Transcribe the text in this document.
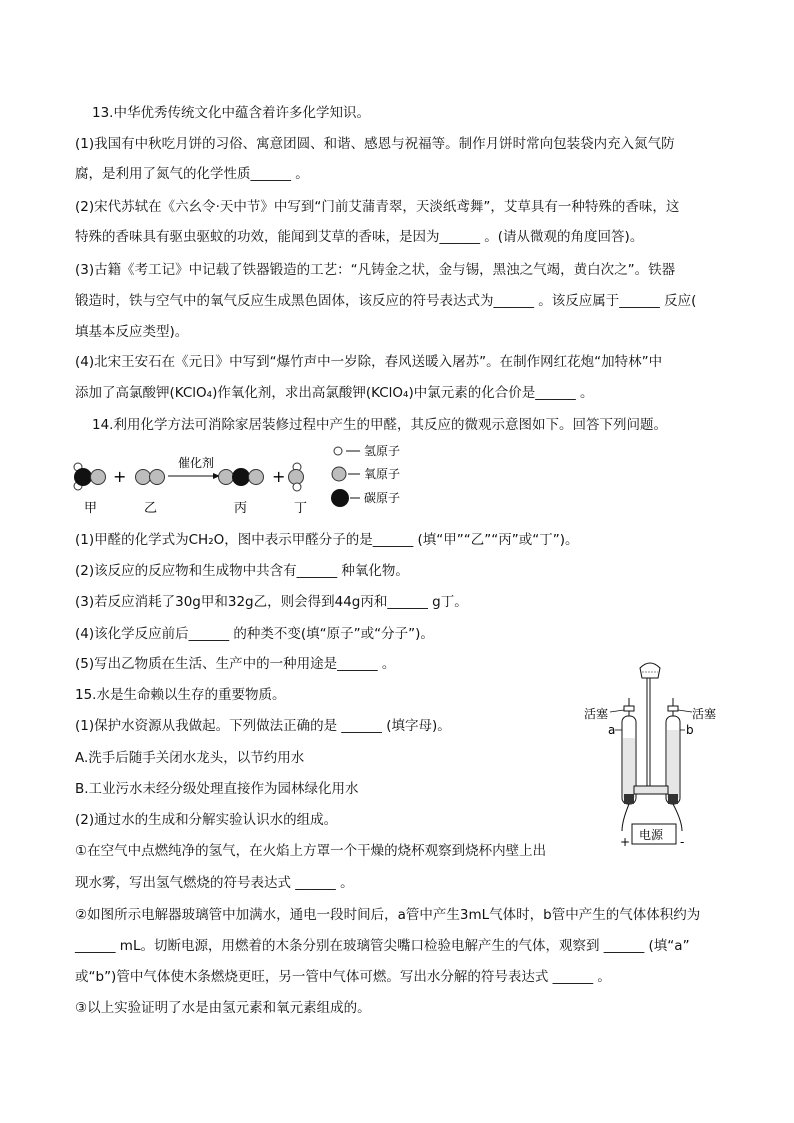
13.中华优秀传统文化中蕴含着许多化学知识。
(1)我国有中秋吃月饼的习俗、寓意团圆、和谐、感恩与祝福等。制作月饼时常向包装袋内充入氮气防
腐，是利用了氮气的化学性质______ 。
(2)宋代苏轼在《六幺令·天中节》中写到“门前艾蒲青翠，天淡纸鸢舞”，艾草具有一种特殊的香味，这
特殊的香味具有驱虫驱蚊的功效，能闻到艾草的香味，是因为______ 。(请从微观的角度回答)。
(3)古籍《考工记》中记载了铁器锻造的工艺：“凡铸金之状，金与锡，黑浊之气竭，黄白次之”。铁器
锻造时，铁与空气中的氧气反应生成黑色固体，该反应的符号表达式为______ 。该反应属于______ 反应(
填基本反应类型)。
(4)北宋王安石在《元日》中写到“爆竹声中一岁除，春风送暖入屠苏”。在制作网红花炮“加特林”中
添加了高氯酸钾(KClO₄)作氧化剂，求出高氯酸钾(KClO₄)中氯元素的化合价是______ 。
14.利用化学方法可消除家居装修过程中产生的甲醛，其反应的微观示意图如下。回答下列问题。
+
催化剂
+
甲	乙	丙	丁
氢原子
氧原子
碳原子
(1)甲醛的化学式为CH₂O，图中表示甲醛分子的是______ (填“甲”“乙”“丙”或“丁”)。
(2)该反应的反应物和生成物中共含有______ 种氧化物。
(3)若反应消耗了30g甲和32g乙，则会得到44g丙和______ g丁。
(4)该化学反应前后______ 的种类不变(填“原子”或“分子”)。
(5)写出乙物质在生活、生产中的一种用途是______ 。
15.水是生命赖以生存的重要物质。
(1)保护水资源从我做起。下列做法正确的是 ______ (填字母)。
A.洗手后随手关闭水龙头，以节约用水
B.工业污水未经分级处理直接作为园林绿化用水
(2)通过水的生成和分解实验认识水的组成。
①在空气中点燃纯净的氢气，在火焰上方罩一个干燥的烧杯观察到烧杯内壁上出
现水雾，写出氢气燃烧的符号表达式 ______ 。
②如图所示电解器玻璃管中加满水，通电一段时间后，a管中产生3mL气体时，b管中产生的气体体积约为
______ mL。切断电源，用燃着的木条分别在玻璃管尖嘴口检验电解产生的气体，观察到 ______ (填“a”
或“b”)管中气体使木条燃烧更旺，另一管中气体可燃。写出水分解的符号表达式 ______ 。
③以上实验证明了水是由氢元素和氧元素组成的。
电源
+	-
活塞	活塞
a	b
